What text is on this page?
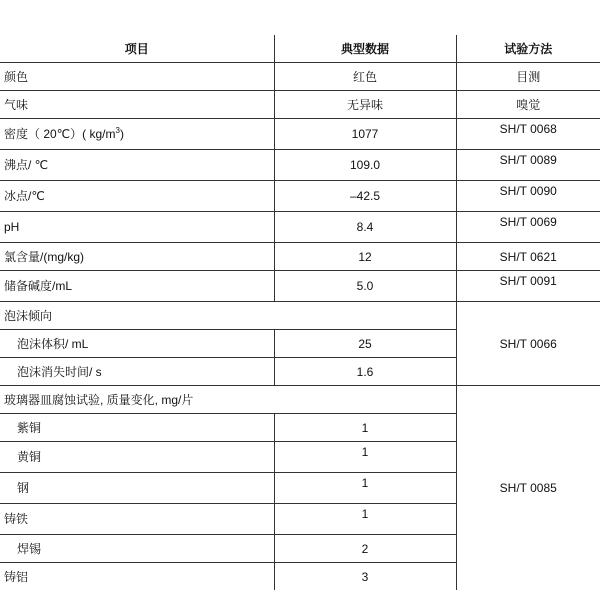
项目	典型数据	试验方法
颜色	红色	目测
气味	无异味	嗅觉
密度（ 20℃）( $kg/m^3$)	1077	SH/T 0068
沸点/ ℃	109.0	SH/T 0089
冰点/℃	–42.5	SH/T 0090
pH	8.4	SH/T 0069
氯含量/(mg/kg)	12	SH/T 0621
储备碱度/mL	5.0	SH/T 0091
泡沫倾向		SH/T 0066
泡沫体积/ mL	25	
泡沫消失时间/ s	1.6	
玻璃器皿腐蚀试验, 质量变化, mg/片		SH/T 0085
紫铜	1	
黄铜	1	
钢	1	
铸铁	1	
焊锡	2	
铸铝	3	
